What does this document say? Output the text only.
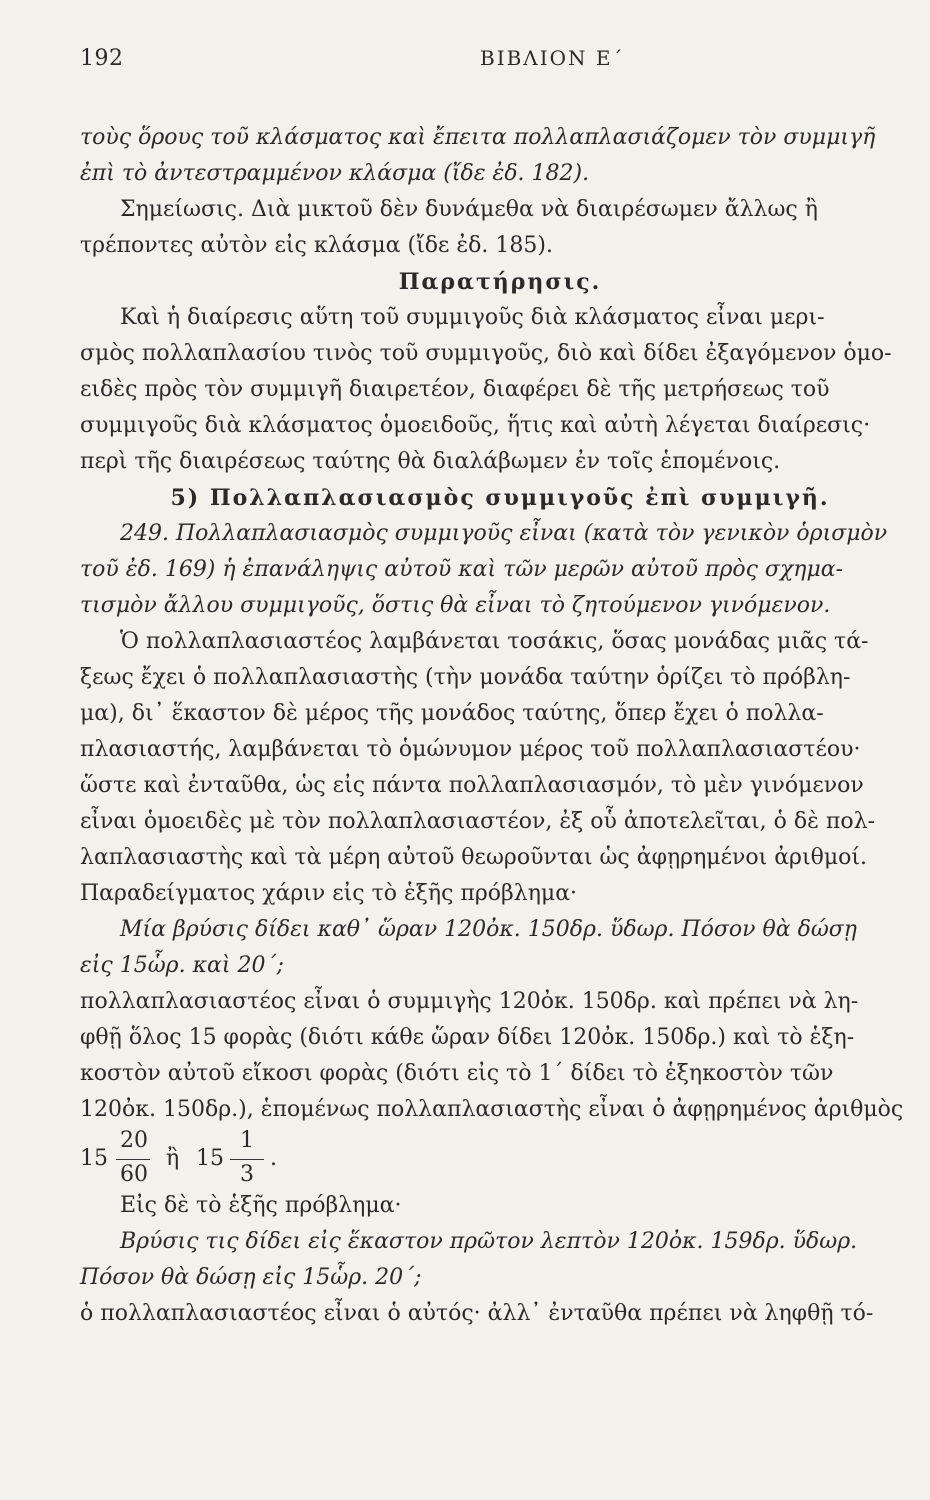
192	ΒΙΒΛΙΟΝ Ε΄
τοὺς ὅρους τοῦ κλάσματος καὶ ἔπειτα πολλαπλασιάζομεν τὸν συμμιγῆ
ἐπὶ τὸ ἀντεστραμμένον κλάσμα (ἴδε ἐδ. 182).
Σημείωσις. Διὰ μικτοῦ δὲν δυνάμεθα νὰ διαιρέσωμεν ἄλλως ἢ
τρέποντες αὐτὸν εἰς κλάσμα (ἴδε ἐδ. 185).
Παρατήρησις.
Καὶ ἡ διαίρεσις αὕτη τοῦ συμμιγοῦς διὰ κλάσματος εἶναι μερι-
σμὸς πολλαπλασίου τινὸς τοῦ συμμιγοῦς, διὸ καὶ δίδει ἐξαγόμενον ὁμο-
ειδὲς πρὸς τὸν συμμιγῆ διαιρετέον, διαφέρει δὲ τῆς μετρήσεως τοῦ
συμμιγοῦς διὰ κλάσματος ὁμοειδοῦς, ἥτις καὶ αὐτὴ λέγεται διαίρεσις·
περὶ τῆς διαιρέσεως ταύτης θὰ διαλάβωμεν ἐν τοῖς ἑπομένοις.
5) Πολλαπλασιασμὸς συμμιγοῦς ἐπὶ συμμιγῆ.
249. Πολλαπλασιασμὸς συμμιγοῦς εἶναι (κατὰ τὸν γενικὸν ὁρισμὸν
τοῦ ἐδ. 169) ἡ ἐπανάληψις αὐτοῦ καὶ τῶν μερῶν αὐτοῦ πρὸς σχημα-
τισμὸν ἄλλου συμμιγοῦς, ὅστις θὰ εἶναι τὸ ζητούμενον γινόμενον.
Ὁ πολλαπλασιαστέος λαμβάνεται τοσάκις, ὅσας μονάδας μιᾶς τά-
ξεως ἔχει ὁ πολλαπλασιαστὴς (τὴν μονάδα ταύτην ὁρίζει τὸ πρόβλη-
μα), δι᾽ ἕκαστον δὲ μέρος τῆς μονάδος ταύτης, ὅπερ ἔχει ὁ πολλα-
πλασιαστής, λαμβάνεται τὸ ὁμώνυμον μέρος τοῦ πολλαπλασιαστέου·
ὥστε καὶ ἐνταῦθα, ὡς εἰς πάντα πολλαπλασιασμόν, τὸ μὲν γινόμενον
εἶναι ὁμοειδὲς μὲ τὸν πολλαπλασιαστέον, ἐξ οὗ ἀποτελεῖται, ὁ δὲ πολ-
λαπλασιαστὴς καὶ τὰ μέρη αὐτοῦ θεωροῦνται ὡς ἀφῃρημένοι ἀριθμοί.
Παραδείγματος χάριν εἰς τὸ ἑξῆς πρόβλημα·
Μία βρύσις δίδει καθ᾽ ὥραν 120ὀκ. 150δρ. ὕδωρ. Πόσον θὰ δώσῃ
εἰς 15ὧρ. καὶ 20΄;
πολλαπλασιαστέος εἶναι ὁ συμμιγὴς 120ὀκ. 150δρ. καὶ πρέπει νὰ λη-
φθῇ ὅλος 15 φορὰς (διότι κάθε ὥραν δίδει 120ὀκ. 150δρ.) καὶ τὸ ἑξη-
κοστὸν αὐτοῦ εἴκοσι φορὰς (διότι εἰς τὸ 1΄ δίδει τὸ ἑξηκοστὸν τῶν
120ὀκ. 150δρ.), ἑπομένως πολλαπλασιαστὴς εἶναι ὁ ἀφῃρημένος ἀριθμὸς
15
20
60
ἢ 15
1
3
.
Εἰς δὲ τὸ ἑξῆς πρόβλημα·
Βρύσις τις δίδει εἰς ἕκαστον πρῶτον λεπτὸν 120ὀκ. 159δρ. ὕδωρ.
Πόσον θὰ δώσῃ εἰς 15ὧρ. 20΄;
ὁ πολλαπλασιαστέος εἶναι ὁ αὐτός· ἀλλ᾽ ἐνταῦθα πρέπει νὰ ληφθῇ τό-
